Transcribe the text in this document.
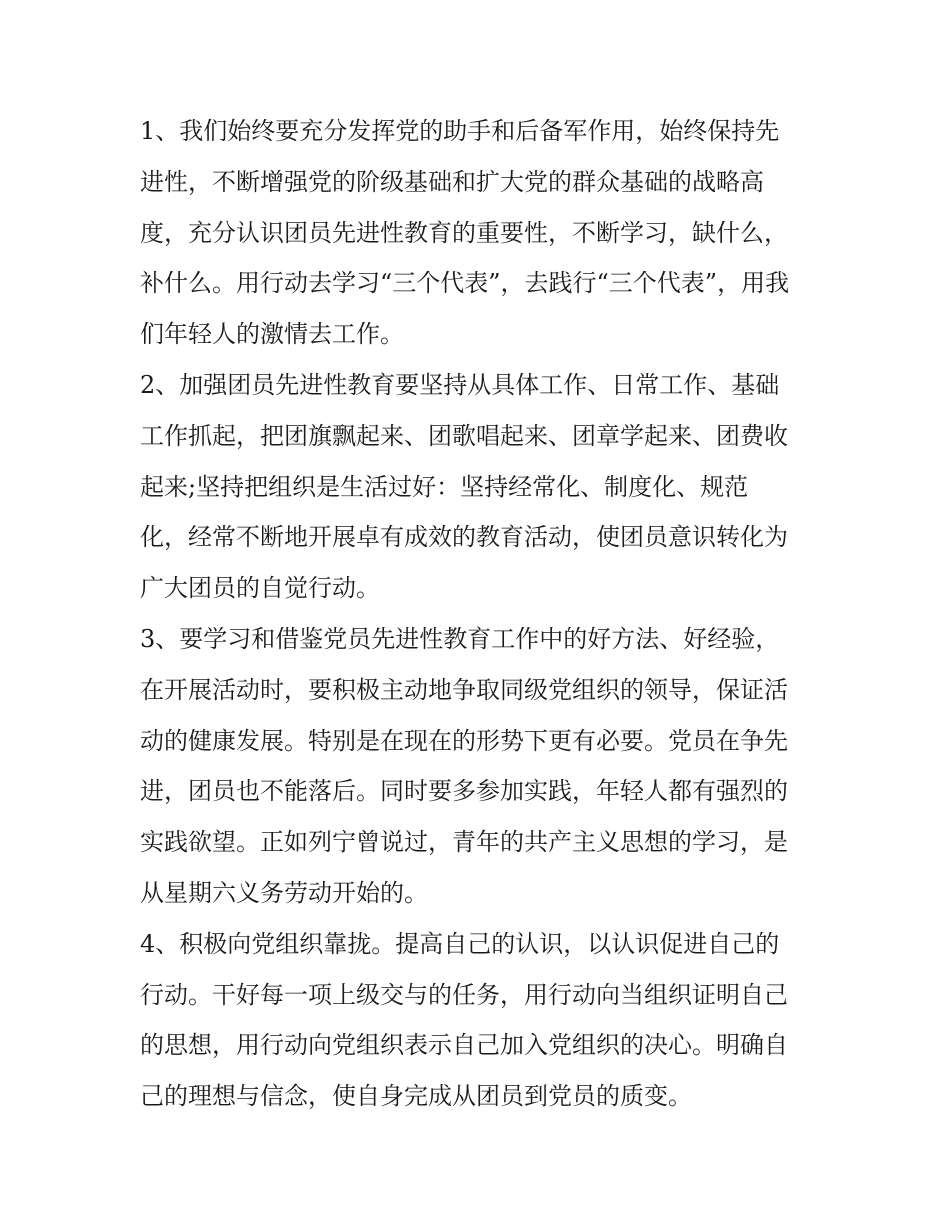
1、我们始终要充分发挥党的助手和后备军作用，始终保持先
进性，不断增强党的阶级基础和扩大党的群众基础的战略高
度，充分认识团员先进性教育的重要性，不断学习，缺什么，
补什么。用行动去学习“三个代表”，去践行“三个代表”，用我
们年轻人的激情去工作。
2、加强团员先进性教育要坚持从具体工作、日常工作、基础
工作抓起，把团旗飘起来、团歌唱起来、团章学起来、团费收
起来;坚持把组织是生活过好：坚持经常化、制度化、规范
化，经常不断地开展卓有成效的教育活动，使团员意识转化为
广大团员的自觉行动。
3、要学习和借鉴党员先进性教育工作中的好方法、好经验，
在开展活动时，要积极主动地争取同级党组织的领导，保证活
动的健康发展。特别是在现在的形势下更有必要。党员在争先
进，团员也不能落后。同时要多参加实践，年轻人都有强烈的
实践欲望。正如列宁曾说过，青年的共产主义思想的学习，是
从星期六义务劳动开始的。
4、积极向党组织靠拢。提高自己的认识，以认识促进自己的
行动。干好每一项上级交与的任务，用行动向当组织证明自己
的思想，用行动向党组织表示自己加入党组织的决心。明确自
己的理想与信念，使自身完成从团员到党员的质变。
